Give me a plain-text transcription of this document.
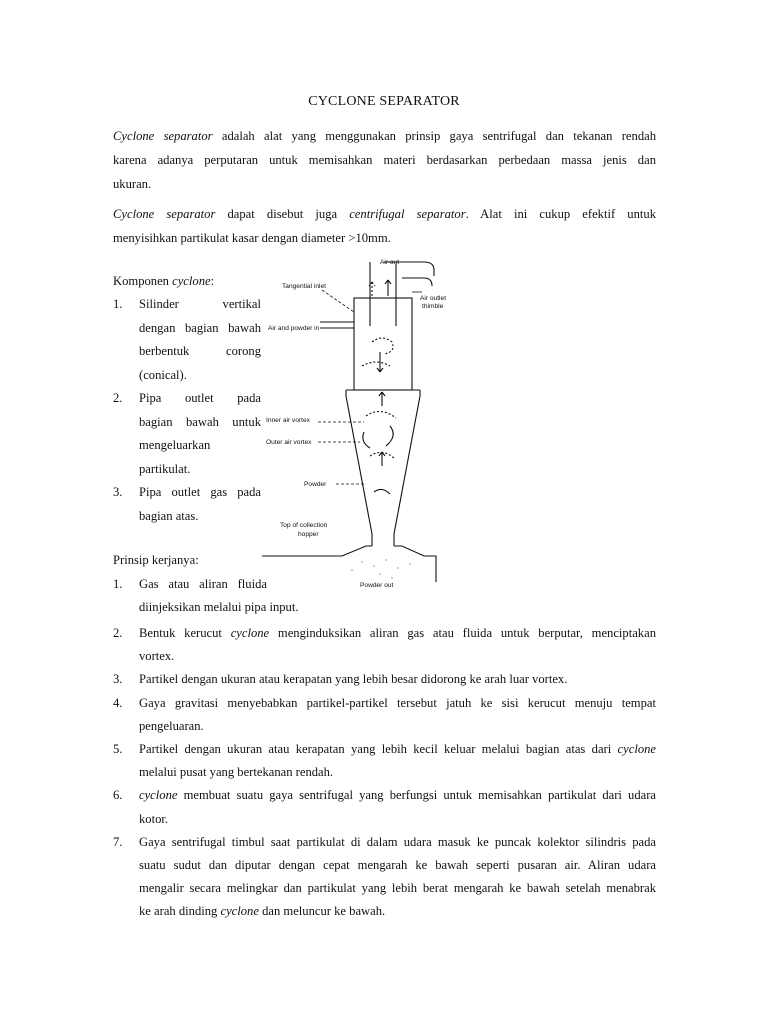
CYCLONE SEPARATOR
Cyclone separator adalah alat yang menggunakan prinsip gaya sentrifugal dan tekanan rendah
karena adanya perputaran untuk memisahkan materi berdasarkan perbedaan massa jenis dan
ukuran.
Cyclone separator dapat disebut juga centrifugal separator. Alat ini cukup efektif untuk
menyisihkan partikulat kasar dengan diameter >10mm.
Komponen cyclone:
1. Silinder vertikal
dengan bagian bawah
berbentuk corong
(conical).
2. Pipa outlet pada
bagian bawah untuk
mengeluarkan
partikulat.
3. Pipa outlet gas pada
bagian atas.
Air out
Tangential inlet
Air outlet
thimble
Air and powder in
Inner air vortex
Outer air vortex
Powder
Top of collection
hopper
Powder out
Prinsip kerjanya:
1. Gas atau aliran fluida
diinjeksikan melalui pipa input.
2. Bentuk kerucut cyclone menginduksikan aliran gas atau fluida untuk berputar, menciptakan
vortex.
3. Partikel dengan ukuran atau kerapatan yang lebih besar didorong ke arah luar vortex.
4. Gaya gravitasi menyebabkan partikel-partikel tersebut jatuh ke sisi kerucut menuju tempat
pengeluaran.
5. Partikel dengan ukuran atau kerapatan yang lebih kecil keluar melalui bagian atas dari cyclone
melalui pusat yang bertekanan rendah.
6. cyclone membuat suatu gaya sentrifugal yang berfungsi untuk memisahkan partikulat dari udara
kotor.
7. Gaya sentrifugal timbul saat partikulat di dalam udara masuk ke puncak kolektor silindris pada
suatu sudut dan diputar dengan cepat mengarah ke bawah seperti pusaran air. Aliran udara
mengalir secara melingkar dan partikulat yang lebih berat mengarah ke bawah setelah menabrak
ke arah dinding cyclone dan meluncur ke bawah.
